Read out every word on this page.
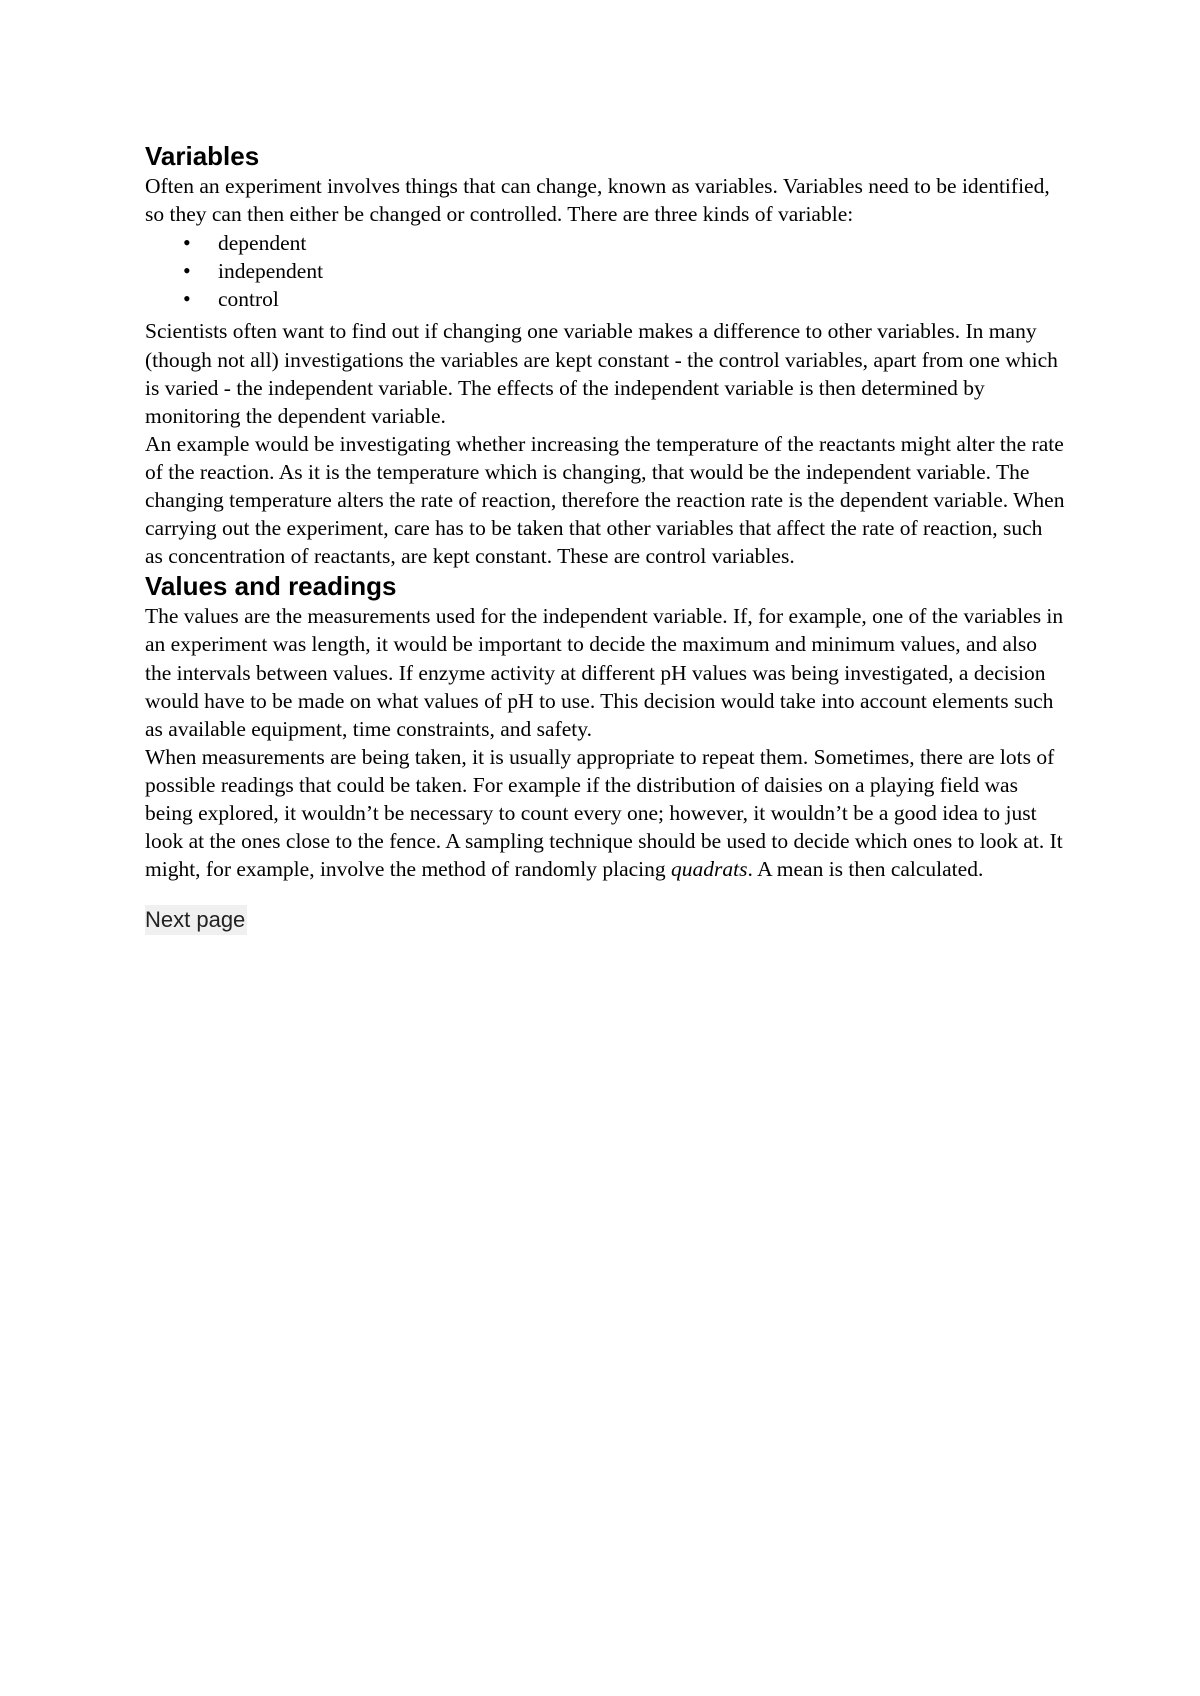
Variables

Often an experiment involves things that can change, known as variables. Variables need to be identified, so they can then either be changed or controlled. There are three kinds of variable:

• dependent
• independent
• control

Scientists often want to find out if changing one variable makes a difference to other variables. In many (though not all) investigations the variables are kept constant - the control variables, apart from one which is varied - the independent variable. The effects of the independent variable is then determined by monitoring the dependent variable.

An example would be investigating whether increasing the temperature of the reactants might alter the rate of the reaction. As it is the temperature which is changing, that would be the independent variable. The changing temperature alters the rate of reaction, therefore the reaction rate is the dependent variable. When carrying out the experiment, care has to be taken that other variables that affect the rate of reaction, such as concentration of reactants, are kept constant. These are control variables.

Values and readings

The values are the measurements used for the independent variable. If, for example, one of the variables in an experiment was length, it would be important to decide the maximum and minimum values, and also the intervals between values. If enzyme activity at different pH values was being investigated, a decision would have to be made on what values of pH to use. This decision would take into account elements such as available equipment, time constraints, and safety.

When measurements are being taken, it is usually appropriate to repeat them. Sometimes, there are lots of possible readings that could be taken. For example if the distribution of daisies on a playing field was being explored, it wouldn’t be necessary to count every one; however, it wouldn’t be a good idea to just look at the ones close to the fence. A sampling technique should be used to decide which ones to look at. It might, for example, involve the method of randomly placing quadrats. A mean is then calculated.

Next page
